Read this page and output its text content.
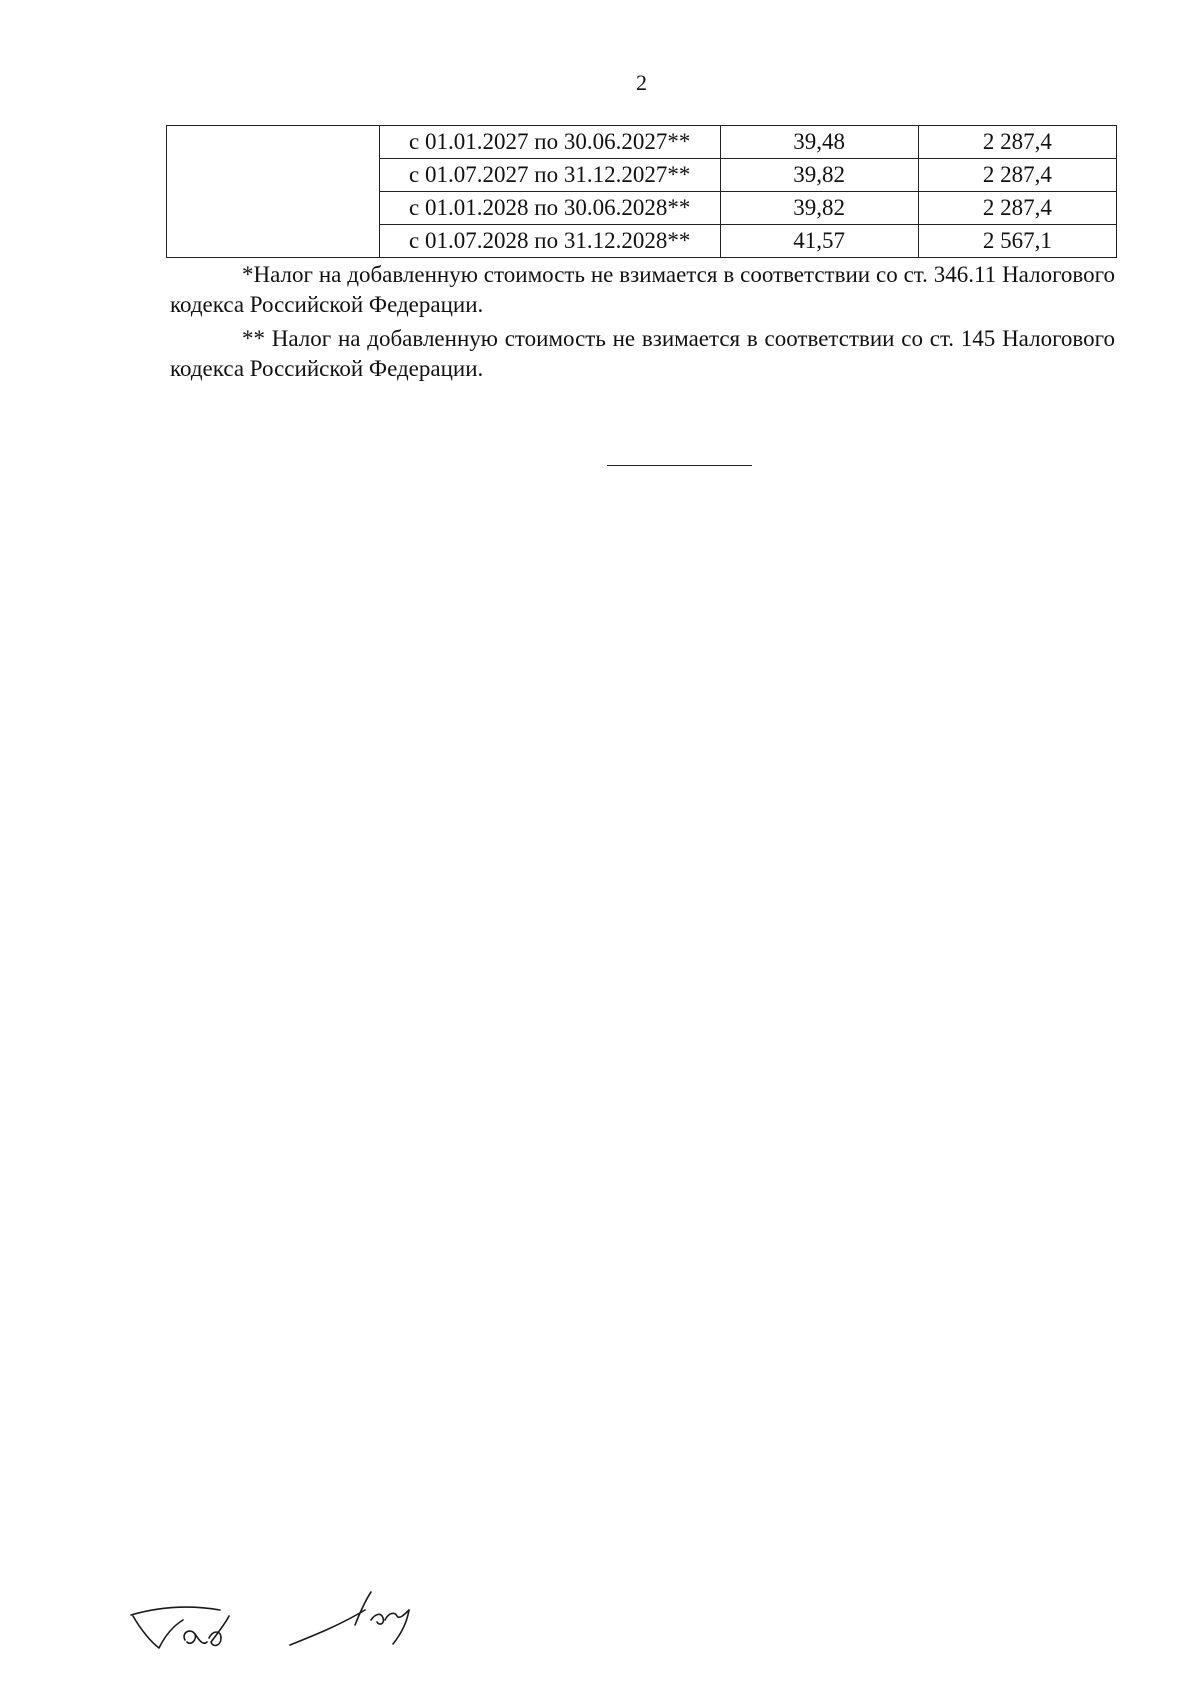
2
	с 01.01.2027 по 30.06.2027**	39,48	2 287,4
	с 01.07.2027 по 31.12.2027**	39,82	2 287,4
	с 01.01.2028 по 30.06.2028**	39,82	2 287,4
	с 01.07.2028 по 31.12.2028**	41,57	2 567,1

*Налог на добавленную стоимость не взимается в соответствии со ст. 346.11 Налогового кодекса Российской Федерации.

** Налог на добавленную стоимость не взимается в соответствии со ст. 145 Налогового кодекса Российской Федерации.
